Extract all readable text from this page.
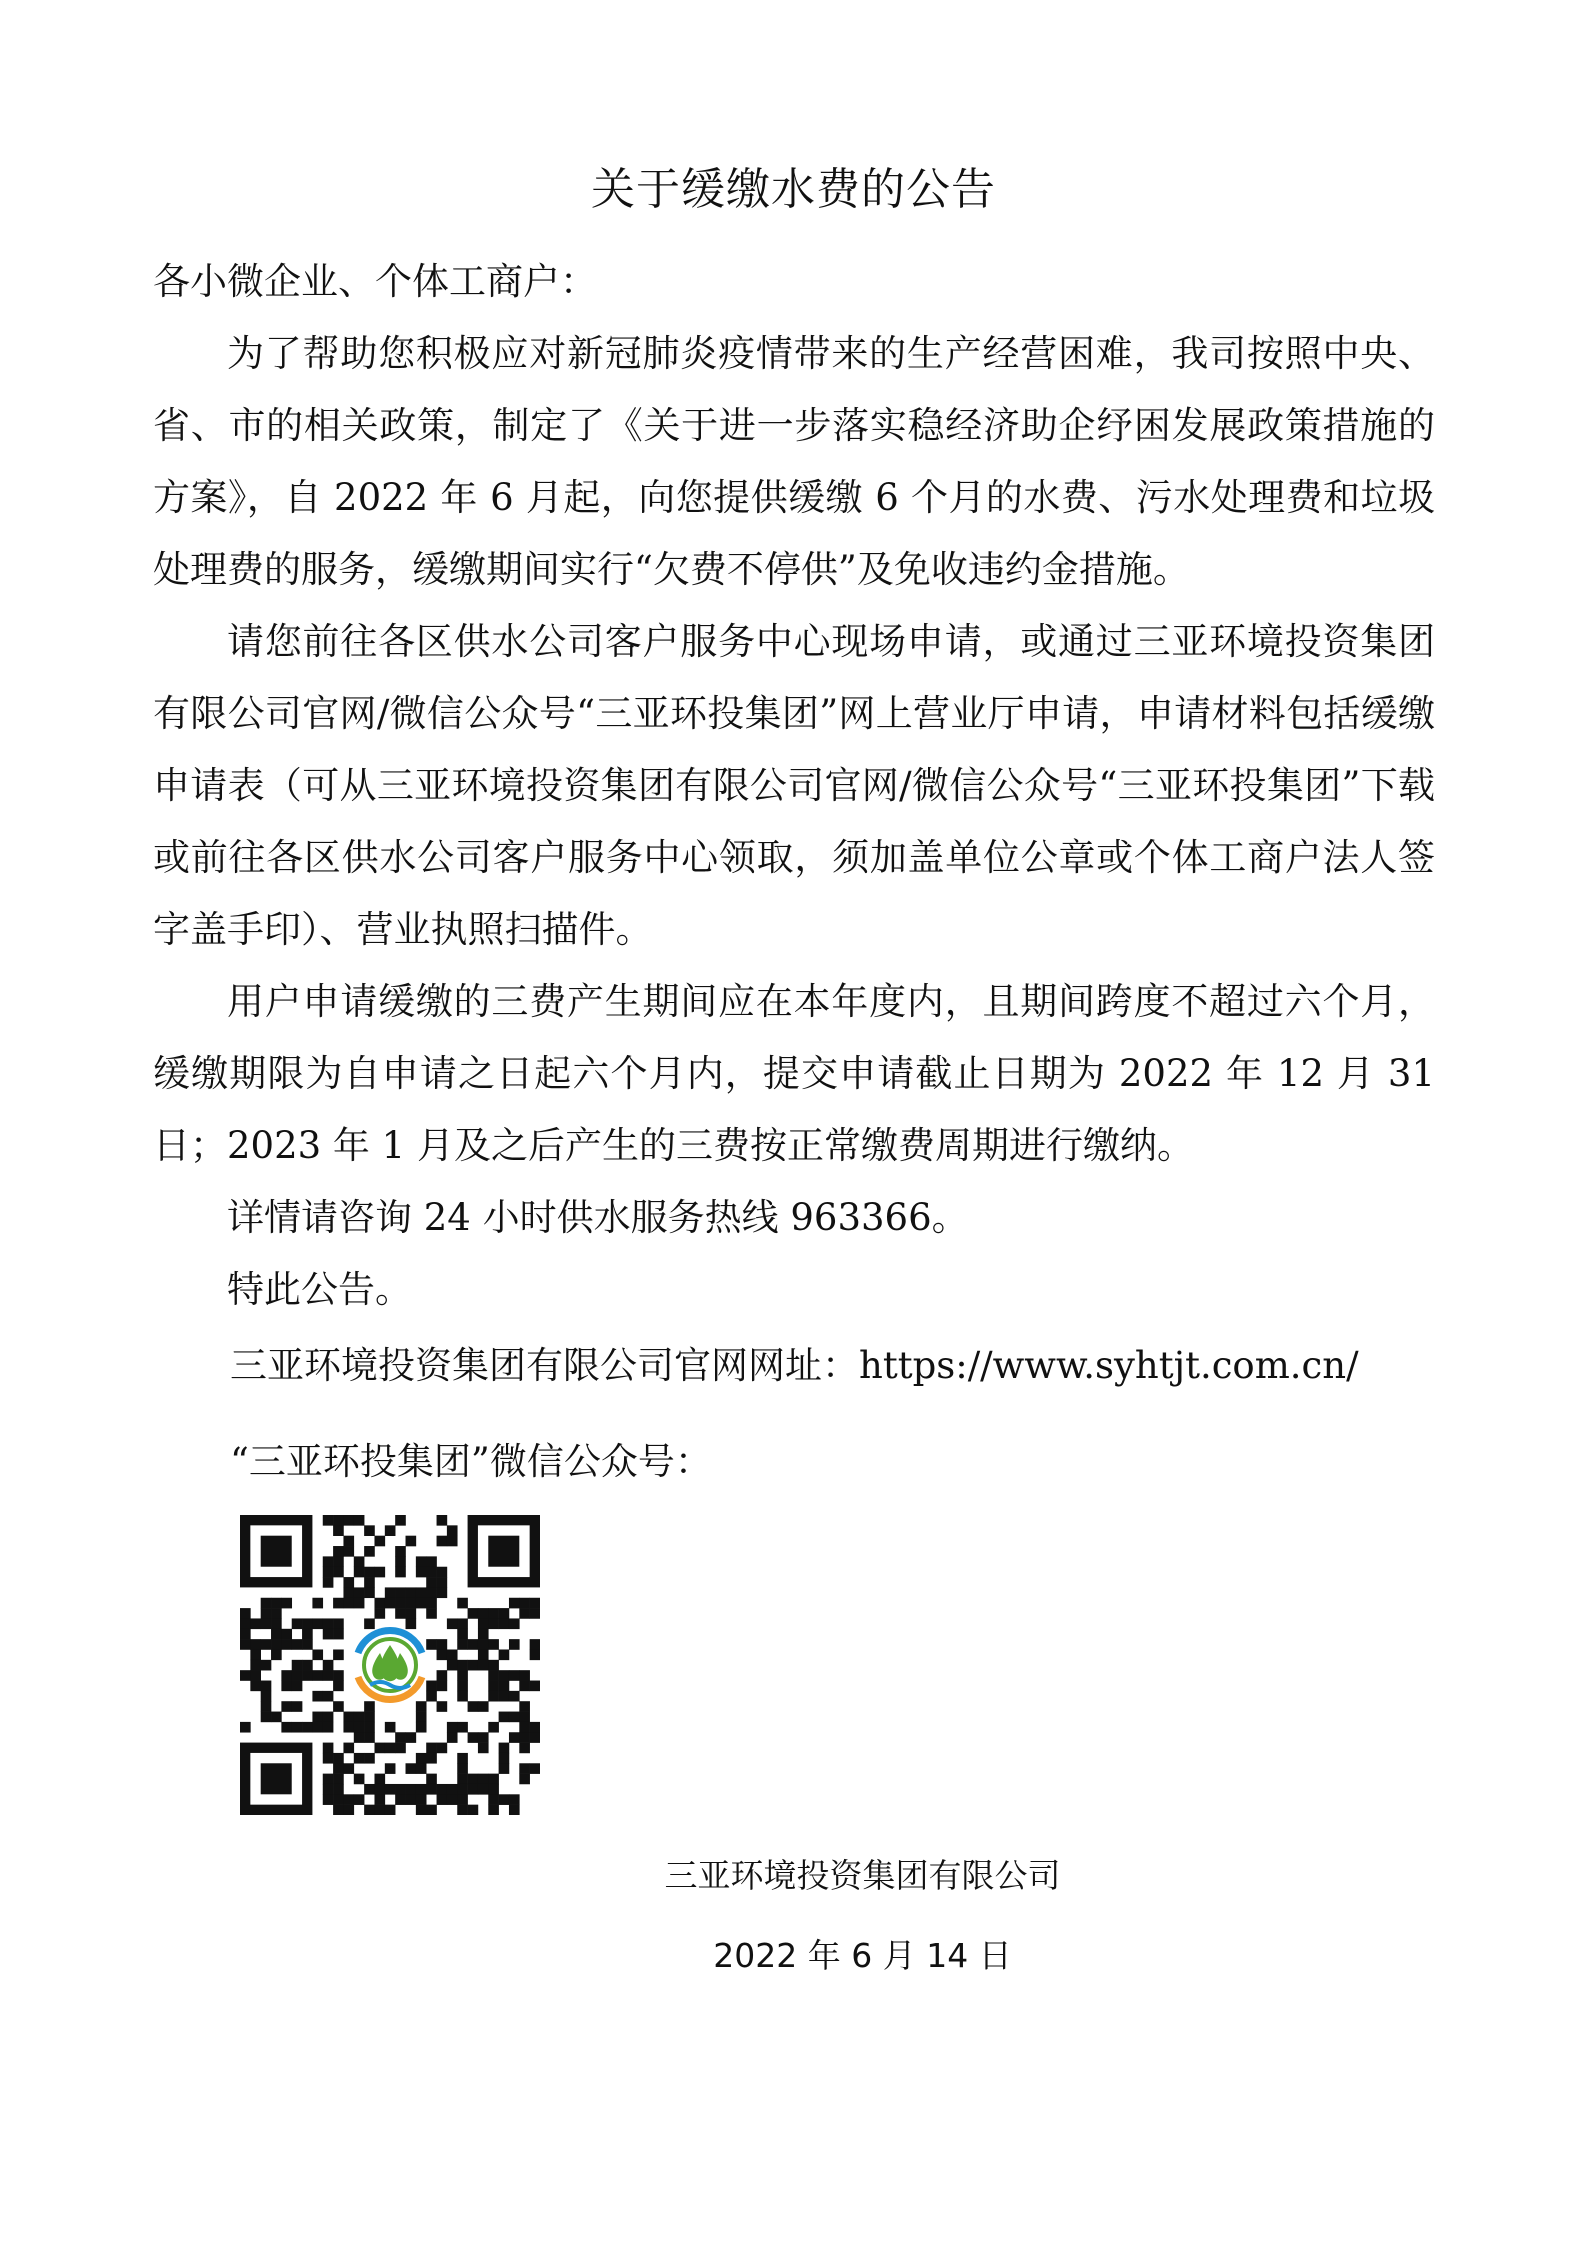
关于缓缴水费的公告

各小微企业、个体工商户：

为了帮助您积极应对新冠肺炎疫情带来的生产经营困难，我司按照中央、省、市的相关政策，制定了《关于进一步落实稳经济助企纾困发展政策措施的方案》，自 2022 年 6 月起，向您提供缓缴 6 个月的水费、污水处理费和垃圾处理费的服务，缓缴期间实行“欠费不停供”及免收违约金措施。

请您前往各区供水公司客户服务中心现场申请，或通过三亚环境投资集团有限公司官网/微信公众号“三亚环投集团”网上营业厅申请，申请材料包括缓缴申请表（可从三亚环境投资集团有限公司官网/微信公众号“三亚环投集团”下载或前往各区供水公司客户服务中心领取，须加盖单位公章或个体工商户法人签字盖手印）、营业执照扫描件。

用户申请缓缴的三费产生期间应在本年度内，且期间跨度不超过六个月，缓缴期限为自申请之日起六个月内，提交申请截止日期为 2022 年 12 月 31 日；2023 年 1 月及之后产生的三费按正常缴费周期进行缴纳。

详情请咨询 24 小时供水服务热线 963366。

特此公告。

三亚环境投资集团有限公司官网网址：https://www.syhtjt.com.cn/
“三亚环投集团”微信公众号：
三亚环境投资集团有限公司
2022 年 6 月 14 日
